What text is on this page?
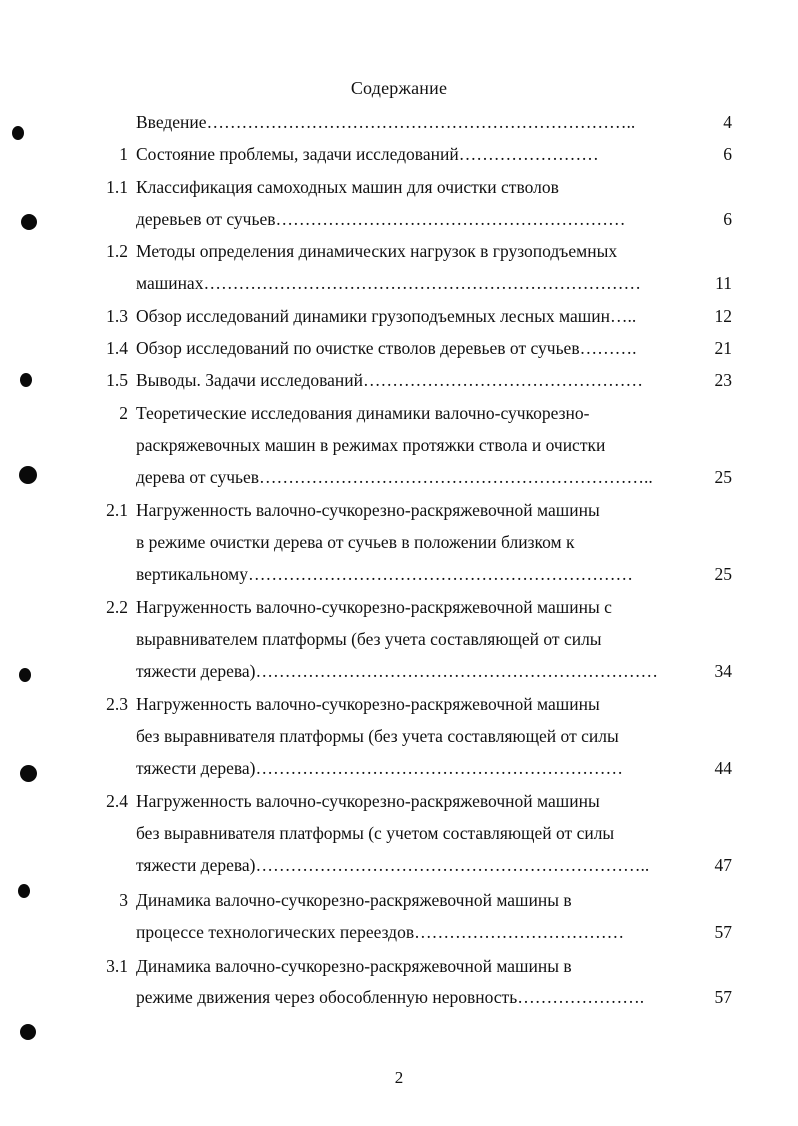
Содержание
Введение………………………………………………………………..	4
1 Состояние проблемы, задачи исследований……………………	6
1.1 Классификация самоходных машин для очистки стволов
деревьев от сучьев……………………………………………………	6
1.2 Методы определения динамических нагрузок в грузоподъемных
машинах…………………………………………………………………	11
1.3 Обзор исследований динамики грузоподъемных лесных машин…..	12
1.4 Обзор исследований по очистке стволов деревьев от сучьев……….	21
1.5 Выводы. Задачи исследований…………………………………………	23
2 Теоретические исследования динамики валочно-сучкорезно-
раскряжевочных машин в режимах протяжки ствола и очистки
дерева от сучьев…………………………………………………………..	25
2.1 Нагруженность валочно-сучкорезно-раскряжевочной машины
в режиме очистки дерева от сучьев в положении близком к
вертикальному…………………………………………………………	25
2.2 Нагруженность валочно-сучкорезно-раскряжевочной машины с
выравнивателем платформы (без учета составляющей от силы
тяжести дерева)……………………………………………………………	34
2.3 Нагруженность валочно-сучкорезно-раскряжевочной машины
без выравнивателя платформы (без учета составляющей от силы
тяжести дерева)………………………………………………………	44
2.4 Нагруженность валочно-сучкорезно-раскряжевочной машины
без выравнивателя платформы (с учетом составляющей от силы
тяжести дерева)…………………………………………………………..	47
3 Динамика валочно-сучкорезно-раскряжевочной машины в
процессе технологических переездов………………………………	57
3.1 Динамика валочно-сучкорезно-раскряжевочной машины в
режиме движения через обособленную неровность………………….	57
2
